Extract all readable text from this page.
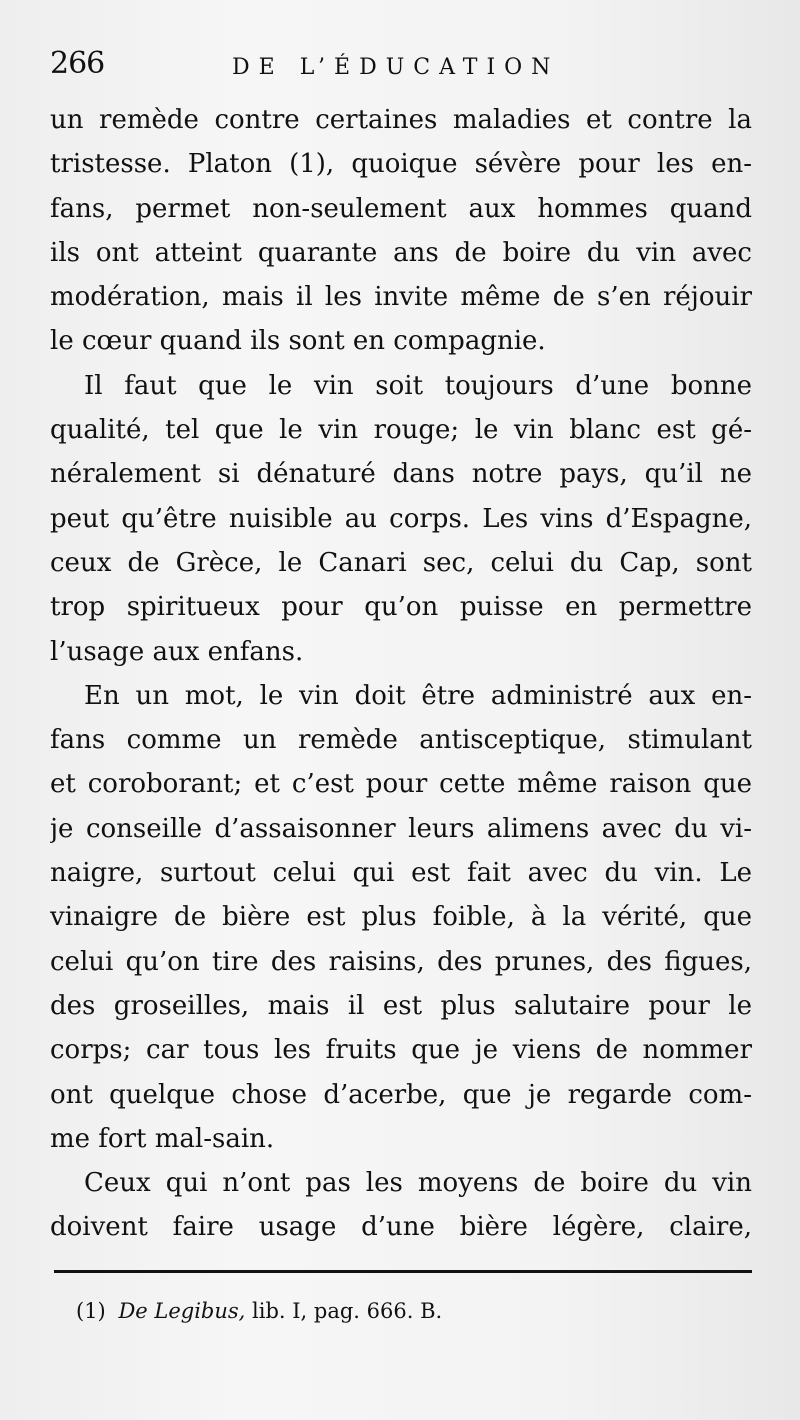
266	DE L’ÉDUCATION
un remède contre certaines maladies et contre la
tristesse. Platon (1), quoique sévère pour les en-
fans, permet non-seulement aux hommes quand
ils ont atteint quarante ans de boire du vin avec
modération, mais il les invite même de s’en réjouir
le cœur quand ils sont en compagnie.
Il faut que le vin soit toujours d’une bonne
qualité, tel que le vin rouge; le vin blanc est gé-
néralement si dénaturé dans notre pays, qu’il ne
peut qu’être nuisible au corps. Les vins d’Espagne,
ceux de Grèce, le Canari sec, celui du Cap, sont
trop spiritueux pour qu’on puisse en permettre
l’usage aux enfans.
En un mot, le vin doit être administré aux en-
fans comme un remède antisceptique, stimulant
et coroborant; et c’est pour cette même raison que
je conseille d’assaisonner leurs alimens avec du vi-
naigre, surtout celui qui est fait avec du vin. Le
vinaigre de bière est plus foible, à la vérité, que
celui qu’on tire des raisins, des prunes, des figues,
des groseilles, mais il est plus salutaire pour le
corps; car tous les fruits que je viens de nommer
ont quelque chose d’acerbe, que je regarde com-
me fort mal-sain.
Ceux qui n’ont pas les moyens de boire du vin
doivent faire usage d’une bière légère, claire,
(1) De Legibus, lib. I, pag. 666. B.
